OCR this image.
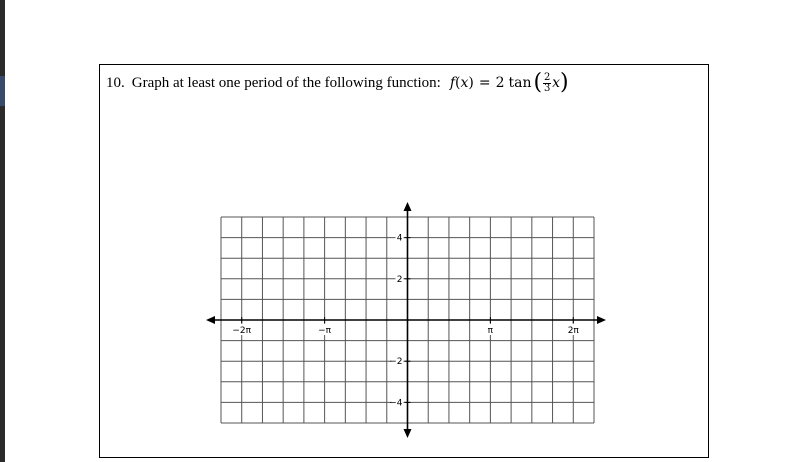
10. Graph at least one period of the following function: f ( x ) = 2 tan ( $\frac{2}{3}$ x )
−2π	−π	π	2π
4
2
−2
−4
